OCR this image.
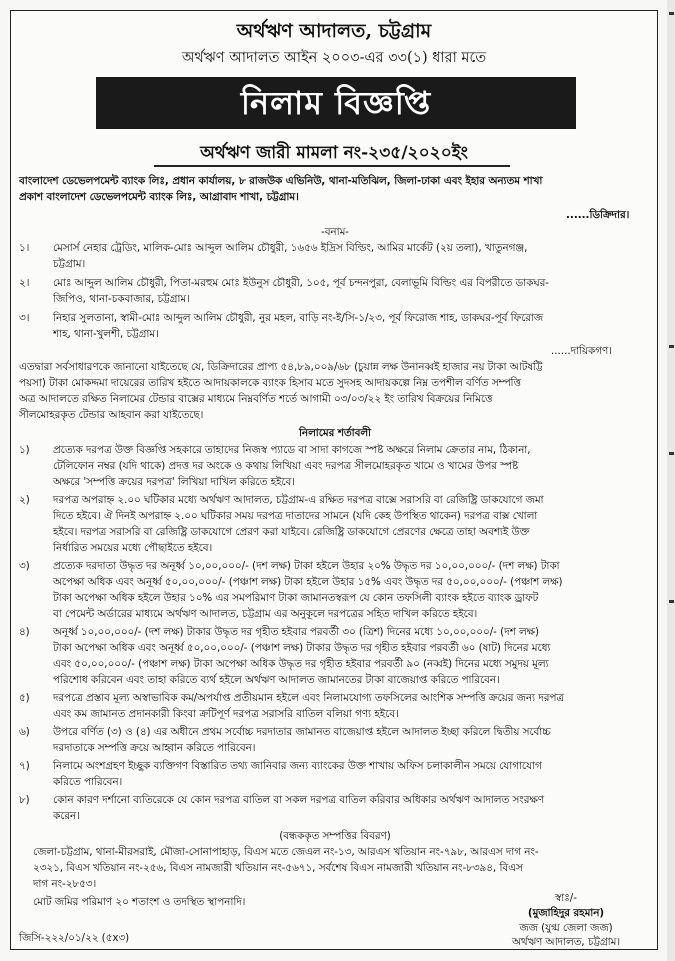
অর্থঋণ আদালত, চট্টগ্রাম
অর্থঋণ আদালত আইন ২০০৩-এর ৩৩(১) ধারা মতে
নিলাম বিজ্ঞপ্তি
অর্থঋণ জারী মামলা নং-২৩৫/২০২০ইং
বাংলাদেশ ডেভেলপমেন্ট ব্যাংক লিঃ, প্রধান কার্যালয়, ৮ রাজউক এভিনিউ, থানা-মতিঝিল, জিলা-ঢাকা এবং ইহার অন্যতম শাখা
প্রকাশ বাংলাদেশ ডেভেলপমেন্ট ব্যাংক লিঃ, আগ্রাবাদ শাখা, চট্টগ্রাম।
......ডিক্রিদার।
-বনাম-
১। মেসার্স নেহার ট্রেডিং, মালিক-মোঃ আব্দুল আলিম চৌধুরী, ১৬৫৬ ইদ্রিস বিল্ডিং, আমির মার্কেট (২য় তলা), খাতুনগঞ্জ,
চট্টগ্রাম।
২। মোঃ আব্দুল আলিম চৌধুরী, পিতা-মরহুম মোঃ ইউনুস চৌধুরী, ১০৫, পূর্ব চন্দনপুরা, বেলাভূমি বিল্ডিং এর বিপরীতে ডাকঘর-
জিপিও, থানা-চকবাজার, চট্টগ্রাম।
৩। নিহার সুলতানা, স্বামী-মোঃ আব্দুল আলিম চৌধুরী, নুর মহল, বাড়ি নং-ই/সি-১/২৩, পূর্ব ফিরোজ শাহ, ডাকঘর-পূর্ব ফিরোজ
শাহ, থানা-খুলশী, চট্টগ্রাম।
......দায়িকগণ।
এতদ্বারা সর্বসাধারণকে জানানো যাইতেছে যে, ডিক্রিদারের প্রাপ্য ৫৪,৮৯,০০৯/৬৮ (চুয়ান্ন লক্ষ উনানব্বই হাজার নয় টাকা আটষট্টি
পয়সা) টাকা মোকদ্দমা দায়েরের তারিখ হইতে আদায়কালকে ব্যাংক হিসাব মতে সুদসহ আদায়কল্পে নিম্ন তপশীল বর্ণিত সম্পত্তি
অত্র আদালতে রক্ষিত নিলামের টেন্ডার বাক্সের মাধ্যমে নিম্নবর্ণিত শর্তে আগামী ০৩/০৩/২২ ইং তারিখ বিক্রয়ের নিমিত্তে
সীলমোহরকৃত টেন্ডার আহবান করা যাইতেছে।
নিলামের শর্তাবলী
১) প্রত্যেক দরপত্র উক্ত বিজ্ঞপ্তি সহকারে তাহাদের নিজস্ব প্যাডে বা সাদা কাগজে স্পষ্ট অক্ষরে নিলাম ক্রেতার নাম, ঠিকানা,
টেলিফোন নম্বর (যদি থাকে) প্রদত্ত দর অংকে ও কথায় লিখিয়া এবং দরপত্র সীলমোহরকৃত খামে ও খামের উপর স্পষ্ট
অক্ষরে 'সম্পত্তি ক্রয়ের দরপত্র' লিখিয়া দাখিল করিতে হইবে।
২) দরপত্র অপরাহ্ন ২.০০ ঘটিকার মধ্যে অর্থঋণ আদালত, চট্টগ্রাম-এ রক্ষিত দরপত্র বাক্সে সরাসরি বা রেজিষ্ট্রি ডাকযোগে জমা
দিতে হইবে। ঐ দিনই অপরাহ্ন ২.০০ ঘটিকার সময় দরপত্র দাতাদের সামনে (যদি কেহ উপস্থিত থাকেন) দরপত্র বাক্স খোলা
হইবে। দরপত্র সরাসরি বা রেজিষ্ট্রি ডাকযোগে প্রেরণ করা যাইবে। রেজিষ্ট্রি ডাকযোগে প্রেরণের ক্ষেত্রে তাহা অবশ্যই উক্ত
নির্ধারিত সময়ের মধ্যে পৌছাইতে হইবে।
৩) প্রত্যেক দরদাতা উদ্ধৃত দর অনূর্ধ্ব ১০,০০,০০০/- (দশ লক্ষ) টাকা হইলে উহার ২০% উদ্ধৃত দর ১০,০০,০০০/- (দশ লক্ষ) টাকা
অপেক্ষা অধিক এবং অনূর্ধ্ব ৫০,০০,০০০/- (পঞ্চাশ লক্ষ) টাকা হইলে উহার ১৫% এবং উদ্ধৃত দর ৫০,০০,০০০/- (পঞ্চাশ লক্ষ)
টাকা অপেক্ষা অধিক হইলে উহার ১০% এর সমপরিমাণ টাকা জামানতস্বরূপ যে কোন তফসিলী ব্যাংক হইতে ব্যাংক ড্রাফট
বা পেমেন্ট অর্ডারের মাধ্যমে অর্থঋণ আদালত, চট্টগ্রাম এর অনুকূলে দরপত্রের সহিত দাখিল করিতে হইবে।
৪) অনূর্ধ্ব ১০,০০,০০০/- (দশ লক্ষ) টাকার উদ্ধৃত দর গৃহীত হইবার পরবর্তী ৩০ (ত্রিশ) দিনের মধ্যে ১০,০০,০০০/- (দশ লক্ষ)
টাকা অপেক্ষা অধিক এবং অনূর্ধ্ব ৫০,০০,০০০/- (পঞ্চাশ লক্ষ) টাকার উদ্ধৃত দর গৃহীত হইবার পরবর্তী ৬০ (ষাট) দিনের মধ্যে
এবং ৫০,০০,০০০/- (পঞ্চাশ লক্ষ) টাকা অপেক্ষা অধিক উদ্ধৃত দর গৃহীত হইবার পরবর্তী ৯০ (নব্বই) দিনের মধ্যে সমুদয় মূল্য
পরিশোধ করিবেন এবং তাহা করিতে ব্যর্থ হইলে অর্থঋণ আদালত জামানতের টাকা বাজেয়াপ্ত করিতে পারিবেন।
৫) দরপত্রে প্রস্তাব মূল্য অস্বাভাবিক কম/অপর্যাপ্ত প্রতীয়মান হইলে এবং নিলামযোগ্য তফসিলের আংশিক সম্পত্তি ক্রয়ের জন্য দরপত্র
এবং কম জামানত প্রদানকারী কিংবা ক্রটিপূর্ণ দরপত্র সরাসরি বাতিল বলিয়া গণ্য হইবে।
৬) উপরে বর্ণিত (৩) ও (৪) এর অধীনে প্রথম সর্বোচ্চ দরদাতার জামানত বাজেয়াপ্ত হইলে আদালত ইচ্ছা করিলে দ্বিতীয় সর্বোচ্চ
দরদাতাকে সম্পত্তি ক্রয়ে আহ্বান করিতে পারিবেন।
৭) নিলামে অংশগ্রহণ ইচ্ছুক ব্যক্তিগণ বিস্তারিত তথ্য জানিবার জন্য ব্যাংকের উক্ত শাখায় অফিস চলাকালীন সময়ে যোগাযোগ
করিতে পারিবেন।
৮) কোন কারণ দর্শানো ব্যতিরেকে যে কোন দরপত্র বাতিল বা সকল দরপত্র বাতিল করিবার অধিকার অর্থঋণ আদালত সংরক্ষণ
করেন।
(বন্ধককৃত সম্পত্তির বিবরণ)
জেলা-চট্টগ্রাম, থানা-মীরসরাই, মৌজা-সোনাপাহাড়, বিএস মতে জেএল নং-১৩, আরএস খতিয়ান নং-৭৯৮, আরএস দাগ নং-
২৩২১, বিএস খতিয়ান নং-২৫৬, বিএস নামজারী খতিয়ান নং-৫৬৭১, সর্বশেষ বিএস নামজারী খতিয়ান নং-৮৩৯৪, বিএস
দাগ নং-২৮৫৩।
মোট জমির পরিমাণ ২০ শতাংশ ও তদস্থিত স্থাপনাদি।	স্বাঃ/-
(মুজাহিদুর রহমান)
জজ (যুগ্ম জেলা জজ)
অর্থঋণ আদালত, চট্টগ্রাম।
জিসি-২২২/০১/২২ (৫x৩)
